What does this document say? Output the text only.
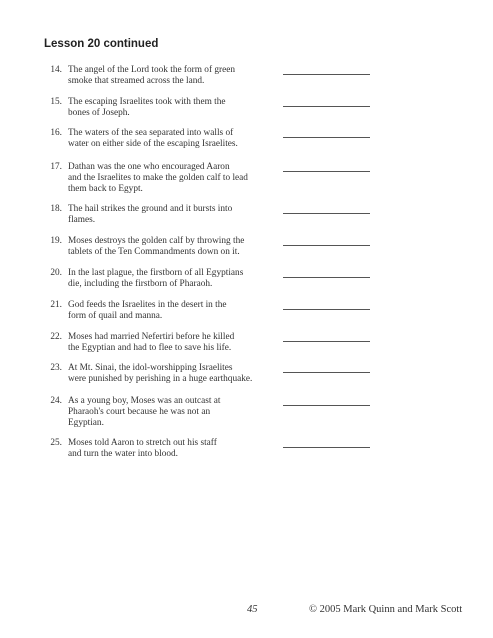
Lesson 20 continued
14. The angel of the Lord took the form of green
smoke that streamed across the land.
15. The escaping Israelites took with them the
bones of Joseph.
16. The waters of the sea separated into walls of
water on either side of the escaping Israelites.
17. Dathan was the one who encouraged Aaron
and the Israelites to make the golden calf to lead
them back to Egypt.
18. The hail strikes the ground and it bursts into
flames.
19. Moses destroys the golden calf by throwing the
tablets of the Ten Commandments down on it.
20. In the last plague, the firstborn of all Egyptians
die, including the firstborn of Pharaoh.
21. God feeds the Israelites in the desert in the
form of quail and manna.
22. Moses had married Nefertiri before he killed
the Egyptian and had to flee to save his life.
23. At Mt. Sinai, the idol-worshipping Israelites
were punished by perishing in a huge earthquake.
24. As a young boy, Moses was an outcast at
Pharaoh's court because he was not an
Egyptian.
25. Moses told Aaron to stretch out his staff
and turn the water into blood.
45	© 2005 Mark Quinn and Mark Scott
